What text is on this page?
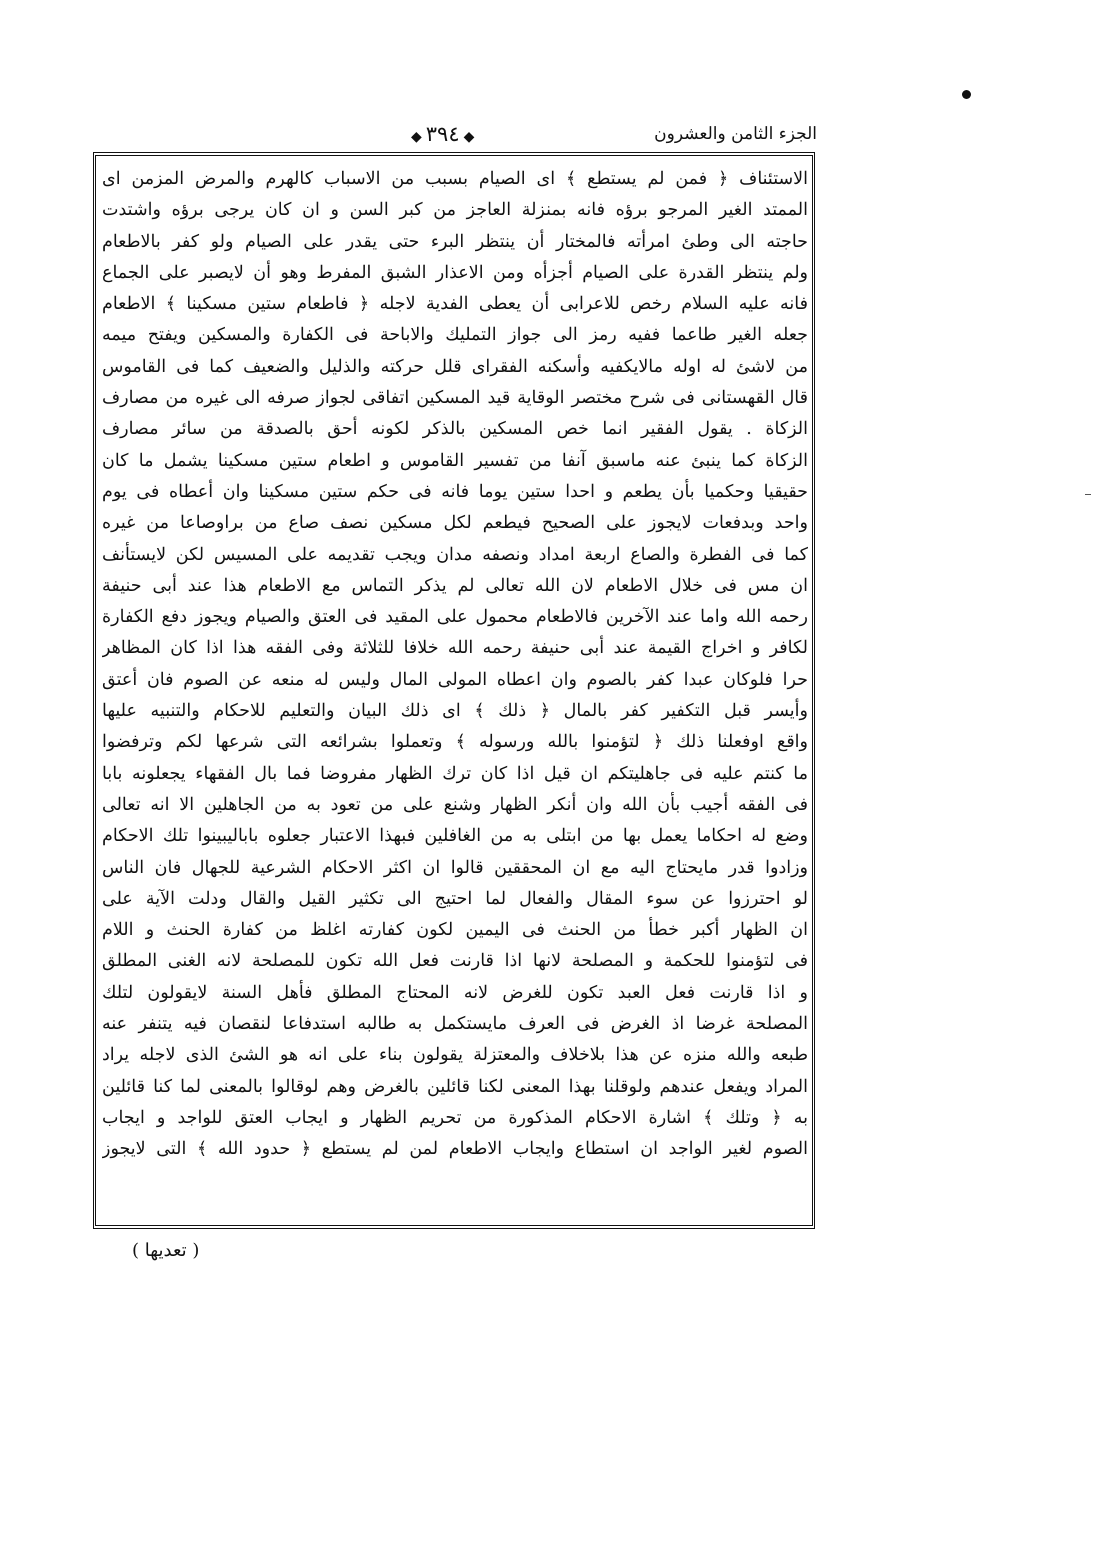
الجزء الثامن والعشرون
◆ ٣٩٤ ◆
الاستئناف ﴿ فمن لم يستطع ﴾ اى الصيام بسبب من الاسباب كالهرم والمرض المزمن اى
الممتد الغير المرجو برؤه فانه بمنزلة العاجز من كبر السن و ان كان يرجى برؤه واشتدت
حاجته الى وطئ امرأته فالمختار أن ينتظر البرء حتى يقدر على الصيام ولو كفر بالاطعام
ولم ينتظر القدرة على الصيام أجزأه ومن الاعذار الشبق المفرط وهو أن لايصبر على الجماع
فانه عليه السلام رخص للاعرابى أن يعطى الفدية لاجله ﴿ فاطعام ستين مسكينا ﴾ الاطعام
جعله الغير طاعما ففيه رمز الى جواز التمليك والاباحة فى الكفارة والمسكين ويفتح ميمه
من لاشئ له اوله مالايكفيه وأسكنه الفقراى قلل حركته والذليل والضعيف كما فى القاموس
قال القهستانى فى شرح مختصر الوقاية قيد المسكين اتفاقى لجواز صرفه الى غيره من مصارف
الزكاة . يقول الفقير انما خص المسكين بالذكر لكونه أحق بالصدقة من سائر مصارف
الزكاة كما ينبئ عنه ماسبق آنفا من تفسير القاموس و اطعام ستين مسكينا يشمل ما كان
حقيقيا وحكميا بأن يطعم و احدا ستين يوما فانه فى حكم ستين مسكينا وان أعطاه فى يوم
واحد وبدفعات لايجوز على الصحيح فيطعم لكل مسكين نصف صاع من براوصاعا من غيره
كما فى الفطرة والصاع اربعة امداد ونصفه مدان ويجب تقديمه على المسيس لكن لايستأنف
ان مس فى خلال الاطعام لان الله تعالى لم يذكر التماس مع الاطعام هذا عند أبى حنيفة
رحمه الله واما عند الآخرين فالاطعام محمول على المقيد فى العتق والصيام ويجوز دفع الكفارة
لكافر و اخراج القيمة عند أبى حنيفة رحمه الله خلافا للثلاثة وفى الفقه هذا اذا كان المظاهر
حرا فلوكان عبدا كفر بالصوم وان اعطاه المولى المال وليس له منعه عن الصوم فان أعتق
وأيسر قبل التكفير كفر بالمال ﴿ ذلك ﴾ اى ذلك البيان والتعليم للاحكام والتنبيه عليها
واقع اوفعلنا ذلك ﴿ لتؤمنوا بالله ورسوله ﴾ وتعملوا بشرائعه التى شرعها لكم وترفضوا
ما كنتم عليه فى جاهليتكم ان قيل اذا كان ترك الظهار مفروضا فما بال الفقهاء يجعلونه بابا
فى الفقه أجيب بأن الله وان أنكر الظهار وشنع على من تعود به من الجاهلين الا انه تعالى
وضع له احكاما يعمل بها من ابتلى به من الغافلين فبهذا الاعتبار جعلوه باباليبينوا تلك الاحكام
وزادوا قدر مايحتاج اليه مع ان المحققين قالوا ان اكثر الاحكام الشرعية للجهال فان الناس
لو احترزوا عن سوء المقال والفعال لما احتيج الى تكثير القيل والقال ودلت الآية على
ان الظهار أكبر خطأ من الحنث فى اليمين لكون كفارته اغلظ من كفارة الحنث و اللام
فى لتؤمنوا للحكمة و المصلحة لانها اذا قارنت فعل الله تكون للمصلحة لانه الغنى المطلق
و اذا قارنت فعل العبد تكون للغرض لانه المحتاج المطلق فأهل السنة لايقولون لتلك
المصلحة غرضا اذ الغرض فى العرف مايستكمل به طالبه استدفاعا لنقصان فيه يتنفر عنه
طبعه والله منزه عن هذا بلاخلاف والمعتزلة يقولون بناء على انه هو الشئ الذى لاجله يراد
المراد ويفعل عندهم ولوقلنا بهذا المعنى لكنا قائلين بالغرض وهم لوقالوا بالمعنى لما كنا قائلين
به ﴿ وتلك ﴾ اشارة الاحكام المذكورة من تحريم الظهار و ايجاب العتق للواجد و ايجاب
الصوم لغير الواجد ان استطاع وايجاب الاطعام لمن لم يستطع ﴿ حدود الله ﴾ التى لايجوز
( تعديها )
